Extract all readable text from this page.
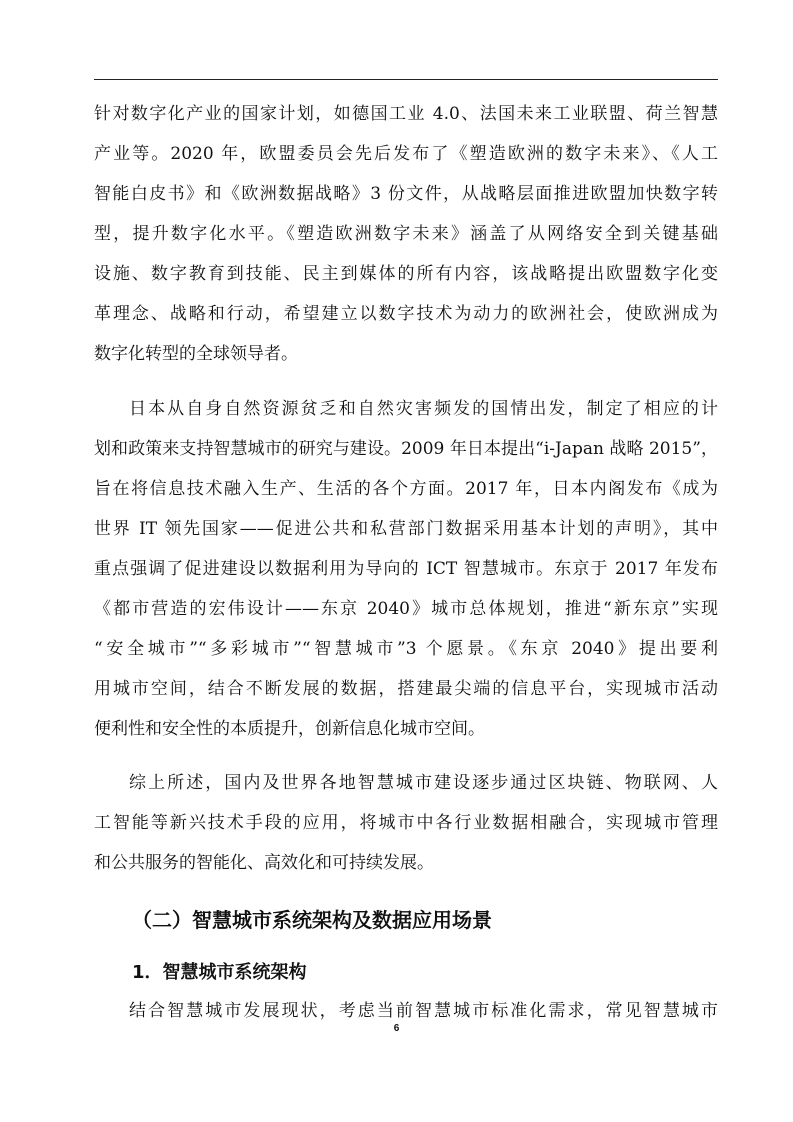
针对数字化产业的国家计划，如德国工业 4.0、法国未来工业联盟、荷兰智慧
产业等。2020 年，欧盟委员会先后发布了《塑造欧洲的数字未来》、《人工
智能白皮书》和《欧洲数据战略》3 份文件，从战略层面推进欧盟加快数字转
型，提升数字化水平。《塑造欧洲数字未来》涵盖了从网络安全到关键基础
设施、数字教育到技能、民主到媒体的所有内容，该战略提出欧盟数字化变
革理念、战略和行动，希望建立以数字技术为动力的欧洲社会，使欧洲成为
数字化转型的全球领导者。
日本从自身自然资源贫乏和自然灾害频发的国情出发，制定了相应的计
划和政策来支持智慧城市的研究与建设。2009 年日本提出“i-Japan 战略 2015”，
旨在将信息技术融入生产、生活的各个方面。2017 年，日本内阁发布《成为
世界 IT 领先国家——促进公共和私营部门数据采用基本计划的声明》，其中
重点强调了促进建设以数据利用为导向的 ICT 智慧城市。东京于 2017 年发布
《都市营造的宏伟设计——东京 2040》城市总体规划，推进“新东京”实现
“安全城市”“多彩城市”“智慧城市”3 个愿景。《东京 2040》提出要利
用城市空间，结合不断发展的数据，搭建最尖端的信息平台，实现城市活动
便利性和安全性的本质提升，创新信息化城市空间。
综上所述，国内及世界各地智慧城市建设逐步通过区块链、物联网、人
工智能等新兴技术手段的应用，将城市中各行业数据相融合，实现城市管理
和公共服务的智能化、高效化和可持续发展。
（二）智慧城市系统架构及数据应用场景
1．智慧城市系统架构
结合智慧城市发展现状，考虑当前智慧城市标准化需求，常见智慧城市
6
